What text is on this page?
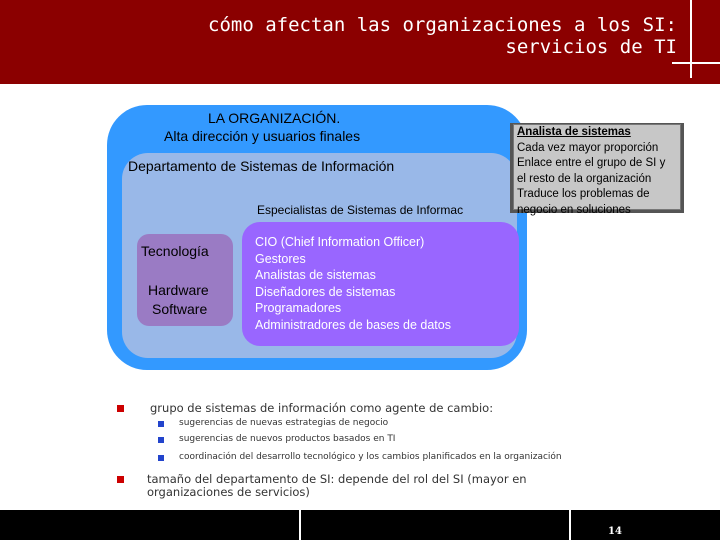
cómo afectan las organizaciones a los SI:
servicios de TI
LA ORGANIZACIÓN.
Alta dirección y usuarios finales
Departamento de Sistemas de Información
Especialistas de Sistemas de Informac
Tecnología
Hardware
Software
CIO (Chief Information Officer)
Gestores
Analistas de sistemas
Diseñadores de sistemas
Programadores
Administradores de bases de datos
Analista de sistemas
Cada vez mayor proporción
Enlace entre el grupo de SI y
el resto de la organización
Traduce los problemas de
negocio en soluciones
grupo de sistemas de información como agente de cambio:
sugerencias de nuevas estrategias de negocio
sugerencias de nuevos productos basados en TI
coordinación del desarrollo tecnológico y los cambios planificados en la organización
tamaño del departamento de SI: depende del rol del SI (mayor en
organizaciones de servicios)
14
